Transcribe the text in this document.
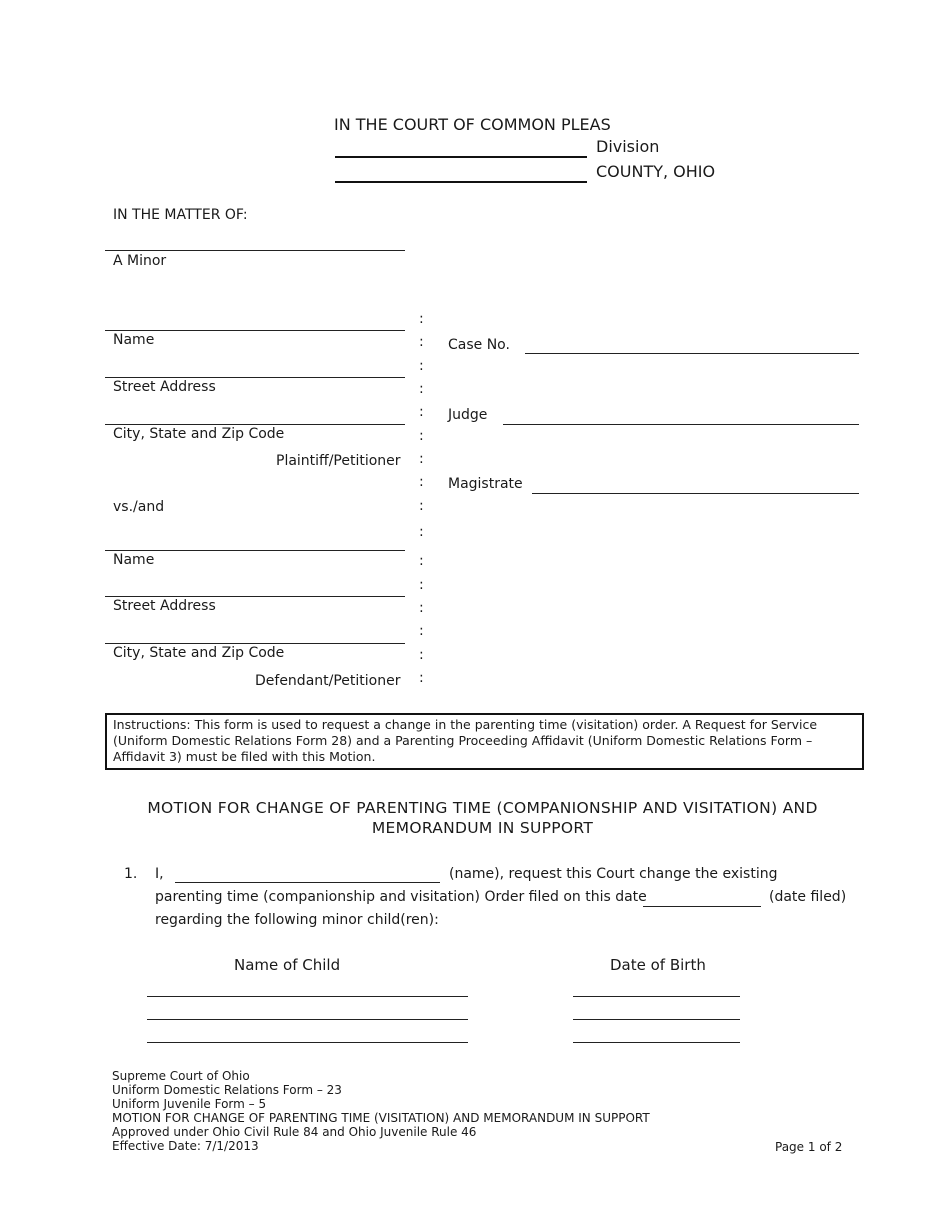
IN THE COURT OF COMMON PLEAS
Division
COUNTY, OHIO
IN THE MATTER OF:
A Minor
Name
Street Address
City, State and Zip Code
Plaintiff/Petitioner
vs./and
Name
Street Address
City, State and Zip Code
Defendant/Petitioner
:
:
:
:
:
:
:
:
:
:
:
:
:
:
:
:
Case No.
Judge
Magistrate
Instructions: This form is used to request a change in the parenting time (visitation) order. A Request for Service (Uniform Domestic Relations Form 28) and a Parenting Proceeding Affidavit (Uniform Domestic Relations Form – Affidavit 3) must be filed with this Motion.
MOTION FOR CHANGE OF PARENTING TIME (COMPANIONSHIP AND VISITATION) AND
MEMORANDUM IN SUPPORT
1. I,	(name), request this Court change the existing
parenting time (companionship and visitation) Order filed on this date	(date filed)
regarding the following minor child(ren):
Name of Child	Date of Birth
Supreme Court of Ohio
Uniform Domestic Relations Form – 23
Uniform Juvenile Form – 5
MOTION FOR CHANGE OF PARENTING TIME (VISITATION) AND MEMORANDUM IN SUPPORT
Approved under Ohio Civil Rule 84 and Ohio Juvenile Rule 46
Effective Date: 7/1/2013	Page 1 of 2
